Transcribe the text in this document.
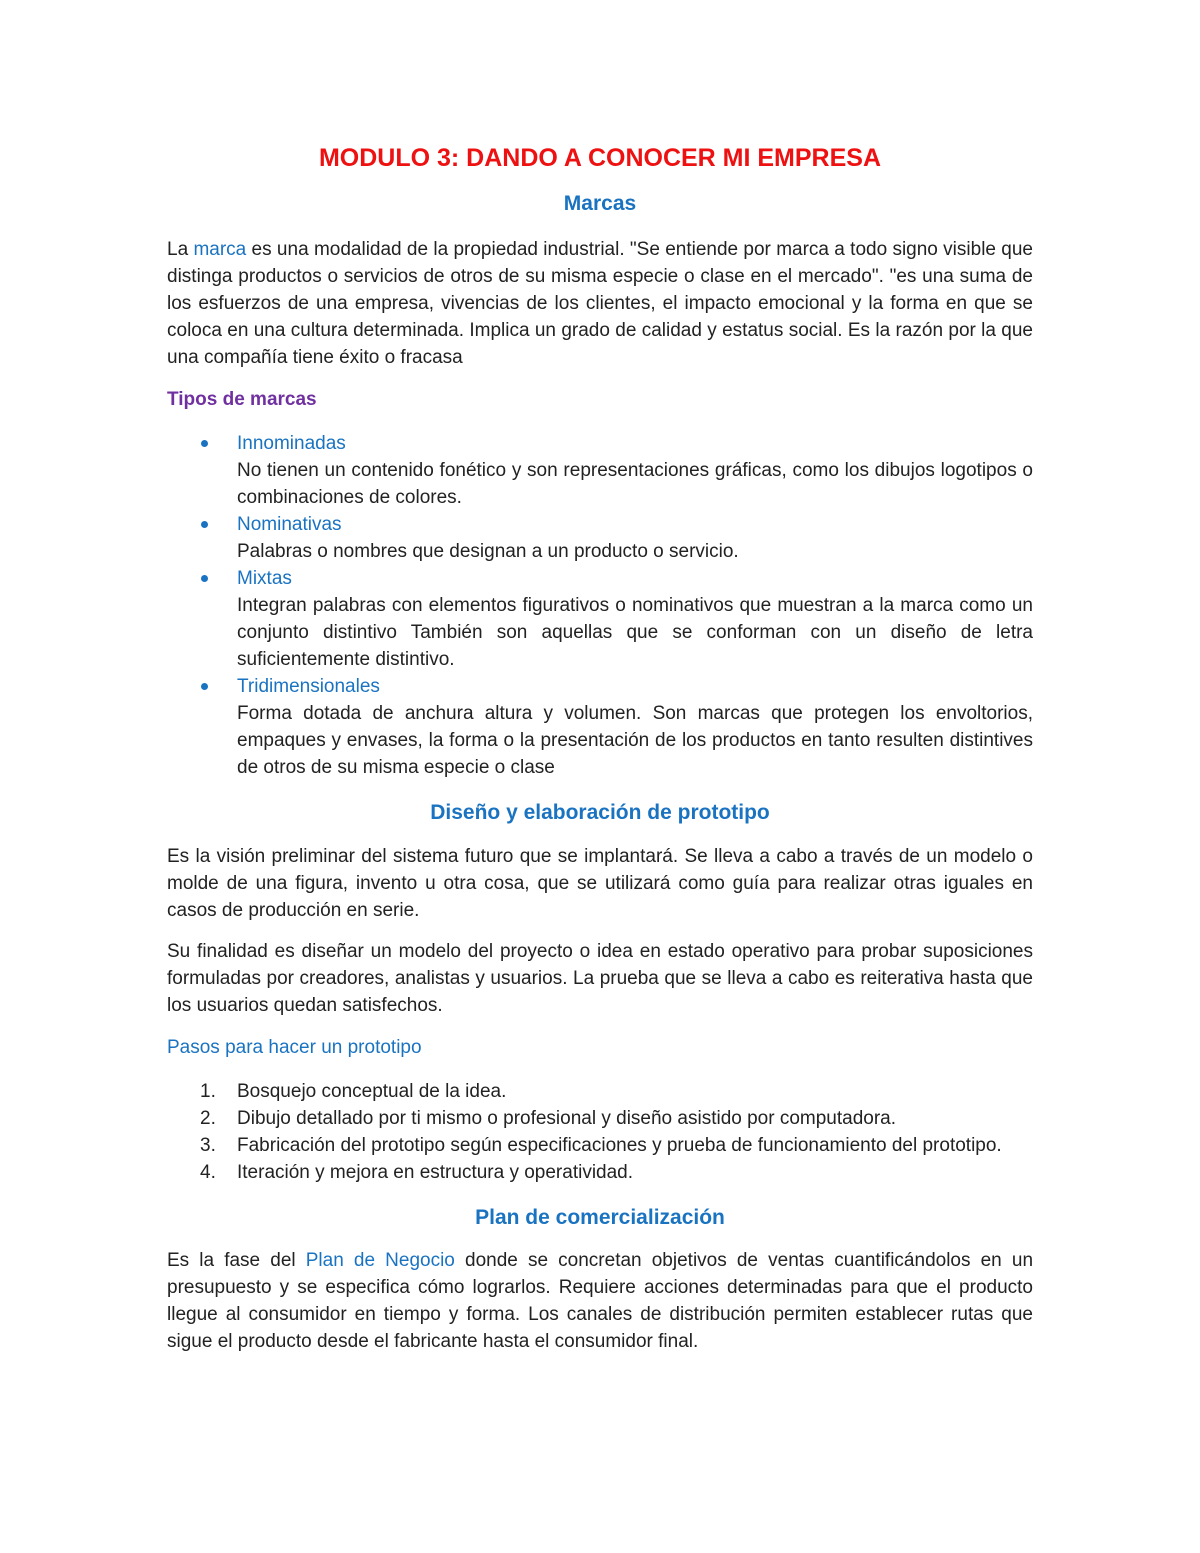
MODULO 3: DANDO A CONOCER MI EMPRESA
Marcas

La marca es una modalidad de la propiedad industrial. "Se entiende por marca a todo signo visible que distinga productos o servicios de otros de su misma especie o clase en el mercado". "es una suma de los esfuerzos de una empresa, vivencias de los clientes, el impacto emocional y la forma en que se coloca en una cultura determinada. Implica un grado de calidad y estatus social. Es la razón por la que una compañía tiene éxito o fracasa

Tipos de marcas
Innominadas
No tienen un contenido fonético y son representaciones gráficas, como los dibujos logotipos o combinaciones de colores.
Nominativas
Palabras o nombres que designan a un producto o servicio.
Mixtas
Integran palabras con elementos figurativos o nominativos que muestran a la marca como un conjunto distintivo También son aquellas que se conforman con un diseño de letra suficientemente distintivo.
Tridimensionales
Forma dotada de anchura altura y volumen. Son marcas que protegen los envoltorios, empaques y envases, la forma o la presentación de los productos en tanto resulten distintives de otros de su misma especie o clase
Diseño y elaboración de prototipo

Es la visión preliminar del sistema futuro que se implantará. Se lleva a cabo a través de un modelo o molde de una figura, invento u otra cosa, que se utilizará como guía para realizar otras iguales en casos de producción en serie.

Su finalidad es diseñar un modelo del proyecto o idea en estado operativo para probar suposiciones formuladas por creadores, analistas y usuarios. La prueba que se lleva a cabo es reiterativa hasta que los usuarios quedan satisfechos.

Pasos para hacer un prototipo
1. Bosquejo conceptual de la idea.
2. Dibujo detallado por ti mismo o profesional y diseño asistido por computadora.
3. Fabricación del prototipo según especificaciones y prueba de funcionamiento del prototipo.
4. Iteración y mejora en estructura y operatividad.
Plan de comercialización

Es la fase del Plan de Negocio donde se concretan objetivos de ventas cuantificándolos en un presupuesto y se especifica cómo lograrlos. Requiere acciones determinadas para que el producto llegue al consumidor en tiempo y forma. Los canales de distribución permiten establecer rutas que sigue el producto desde el fabricante hasta el consumidor final.
